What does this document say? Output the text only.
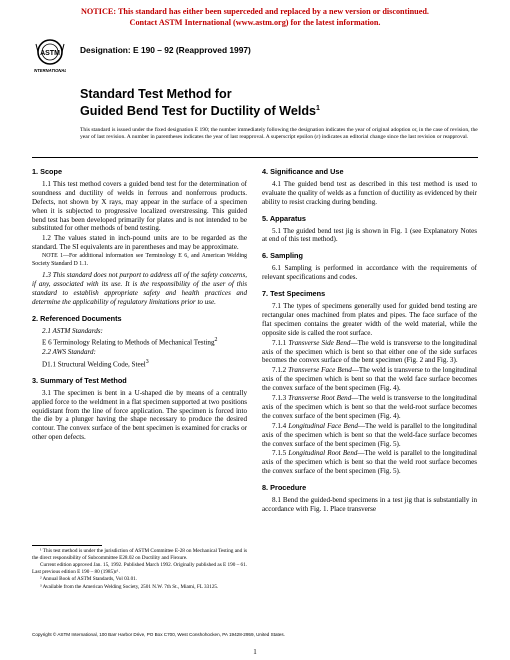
NOTICE: This standard has either been superceded and replaced by a new version or discontinued.
Contact ASTM International (www.astm.org) for the latest information.
ASTM
INTERNATIONAL
Designation: E 190 – 92 (Reapproved 1997)
Standard Test Method for
Guided Bend Test for Ductility of Welds$^1$
This standard is issued under the fixed designation E 190; the number immediately following the designation indicates the year of original adoption or, in the case of revision, the year of last revision. A number in parentheses indicates the year of last reapproval. A superscript epsilon (ε) indicates an editorial change since the last revision or reapproval.
1. Scope
1.1 This test method covers a guided bend test for the determination of soundness and ductility of welds in ferrous and nonferrous products. Defects, not shown by X rays, may appear in the surface of a specimen when it is subjected to progressive localized overstressing. This guided bend test has been developed primarily for plates and is not intended to be substituted for other methods of bend testing.
1.2 The values stated in inch-pound units are to be regarded as the standard. The SI equivalents are in parentheses and may be approximate.
NOTE 1—For additional information see Terminology E 6, and American Welding Society Standard D 1.1.
1.3 This standard does not purport to address all of the safety concerns, if any, associated with its use. It is the responsibility of the user of this standard to establish appropriate safety and health practices and determine the applicability of regulatory limitations prior to use.
2. Referenced Documents
2.1 ASTM Standards:
E 6 Terminology Relating to Methods of Mechanical Testing$^2$
2.2 AWS Standard:
D1.1 Structural Welding Code, Steel$^3$
3. Summary of Test Method
3.1 The specimen is bent in a U-shaped die by means of a centrally applied force to the weldment in a flat specimen supported at two positions equidistant from the line of force application. The specimen is forced into the die by a plunger having the shape necessary to produce the desired contour. The convex surface of the bent specimen is examined for cracks or other open defects.
4. Significance and Use
4.1 The guided bend test as described in this test method is used to evaluate the quality of welds as a function of ductility as evidenced by their ability to resist cracking during bending.
5. Apparatus
5.1 The guided bend test jig is shown in Fig. 1 (see Explanatory Notes at end of this test method).
6. Sampling
6.1 Sampling is performed in accordance with the requirements of relevant specifications and codes.
7. Test Specimens
7.1 The types of specimens generally used for guided bend testing are rectangular ones machined from plates and pipes. The face surface of the flat specimen contains the greater width of the weld material, while the opposite side is called the root surface.
7.1.1 Transverse Side Bend—The weld is transverse to the longitudinal axis of the specimen which is bent so that either one of the side surfaces becomes the convex surface of the bent specimen (Fig. 2 and Fig. 3).
7.1.2 Transverse Face Bend—The weld is transverse to the longitudinal axis of the specimen which is bent so that the weld face surface becomes the convex surface of the bent specimen (Fig. 4).
7.1.3 Transverse Root Bend—The weld is transverse to the longitudinal axis of the specimen which is bent so that the weld-root surface becomes the convex surface of the bent specimen (Fig. 4).
7.1.4 Longitudinal Face Bend—The weld is parallel to the longitudinal axis of the specimen which is bent so that the weld-face surface becomes the convex surface of the bent specimen (Fig. 5).
7.1.5 Longitudinal Root Bend—The weld is parallel to the longitudinal axis of the specimen which is bent so that the weld root surface becomes the convex surface of the bent specimen (Fig. 5).
8. Procedure
8.1 Bend the guided-bend specimens in a test jig that is substantially in accordance with Fig. 1. Place transverse
¹ This test method is under the jurisdiction of ASTM Committee E-28 on Mechanical Testing and is the direct responsibility of Subcommittee E28.02 on Ductility and Flexure.
Current edition approved Jan. 15, 1992. Published March 1992. Originally published as E 190 – 61. Last previous edition E 190 – 80 (1985)ε¹.
² Annual Book of ASTM Standards, Vol 03.01.
³ Available from the American Welding Society, 2501 N.W. 7th St., Miami, FL 33125.
Copyright © ASTM International, 100 Barr Harbor Drive, PO Box C700, West Conshohocken, PA 19428-2959, United States.
1
